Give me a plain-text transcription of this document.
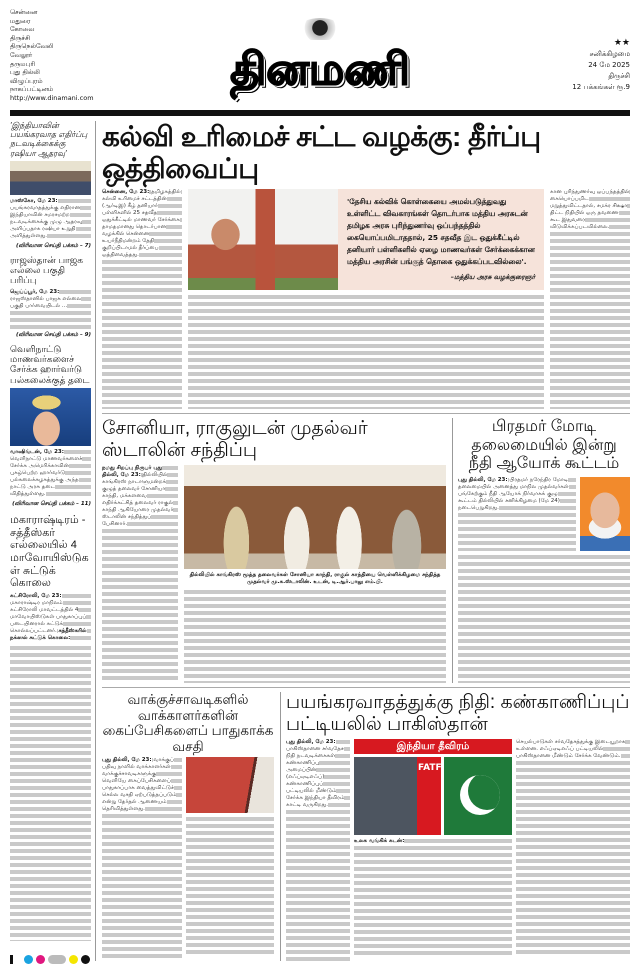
சென்னை
மதுரை
கோவை
திருச்சி
திருநெல்வேலி
வேலூர்
தருமபுரி
புது தில்லி
விழுப்புரம்
நாகப்பட்டினம்
http://www.dinamani.com
தினமணி
★★
சனிக்கிழமை
24 மே 2025
திருச்சி
12 பக்கங்கள் ரூ.9
'இந்தியாவின் பயங்கரவாத எதிர்ப்பு நடவடிக்கைக்கு ரஷியா ஆதரவு'
மாஸ்கோ, மே 23: பயங்கரவாதத்துக்கு எதிரான இந்தியாவின் சமரசமற்ற நடவடிக்கைக்கு முழு ஆதரவு அளிப்பதாக ரஷியா உறுதி அளித்துள்ளது.
(விரிவான செய்தி பக்கம் – 7)
ராஜஸ்தான் பாஜக எல்லை பகுதி பரிப்பு
ஜெய்ப்பூர், மே 23: ராஜஸ்தானில் பாஜக எல்லை பகுதி பார்வையிடல் ...
(விரிவான செய்தி பக்கம் – 9)
வெளிநாட்டு மாணவர்களைச் சேர்க்க ஹார்வர்டு பல்கலைக்குத் தடை
வாஷிங்டன், மே 23: வெளிநாட்டு மாணவர்களைச் சேர்க்க அமெரிக்காவின் புகழ்பெற்ற ஹார்வர்டு பல்கலைக்கழகத்துக்கு அந்த நாட்டு அரசு தடை விதித்துள்ளது.
(விரிவான செய்தி பக்கம் – 11)
மகாராஷ்டிரம் - சத்தீஸ்கர் எல்லையில் 4 மாவோயிஸ்டுகள் சுட்டுக் கொலை
கட்சிரோலி, மே 23: மகாராஷ்டிர மாநிலம் கட்சிரோலி மாவட்டத்தில் 4 மாவோயிஸ்டுகள் பாதுகாப்புப் படையினரால் சுட்டுக் கொல்லப்பட்டனர். சத்தீஸ்கரில் நக்ஸல் சுட்டுக் கொலை:
கல்வி உரிமைச் சட்ட வழக்கு: தீர்ப்பு ஒத்திவைப்பு
சென்னை, மே 23: தமிழகத்தில் கல்வி உரிமைச் சட்டத்தின் (ஆர்டிஇ) கீழ் தனியார் பள்ளிகளில் 25 சதவீத ஒதுக்கீட்டில் மாணவர் சேர்க்கை தாமதமானது தொடர்பான வழக்கில் சென்னை உயர்நீதிமன்றம் தேதி குறிப்பிடாமல் தீர்ப்பை ஒத்திவைத்தது.
'தேசிய கல்விக் கொள்கையை அமல்படுத்துவது உள்ளிட்ட விவகாரங்கள் தொடர்பாக மத்திய அரசுடன் தமிழக அரசு புரிந்துணர்வு ஒப்பந்தத்தில் கையொப்பமிடாததால், 25 சதவீத இட ஒதுக்கீட்டில் தனியார் பள்ளிகளில் ஏழை மாணவர்கள் சேர்க்கைக்கான மத்திய அரசின் பங்குத் தொகை ஒதுக்கப்படவில்லை'.
–மத்திய அரசு வழக்குரைஞர்
கான புரிந்துணர்வு ஒப்பந்தத்தில் கையொப்பமிட மறுத்துவிட்டதால், சமக்ர சிக்ஷா திட்ட நிதியில் ஒரு தவணை கூட இதுவரை விடுவிக்கப்படவில்லை.
சோனியா, ராகுலுடன் முதல்வர் ஸ்டாலின் சந்திப்பு
நமது சிறப்பு நிருபர் புது தில்லி, மே 23: தில்லியில் காங்கிரஸ் நாடாளுமன்றக் குழுத் தலைவர் சோனியா காந்தி, மக்களவை எதிர்க்கட்சித் தலைவர் ராகுல் காந்தி ஆகியோரை முதல்வர் ஸ்டாலின் சந்தித்துப் பேசினார்.
தில்லியில் காங்கிரஸ் மூத்த தலைவர்கள் சோனியா காந்தி, ராகுல் காந்தியை வெள்ளிக்கிழமை சந்தித்த முதல்வர் மு.க.ஸ்டாலின். உடன், டி.ஆர்.பாலு எம்.பி.
பிரதமர் மோடி தலைமையில் இன்று நீதி ஆயோக் கூட்டம்
புது தில்லி, மே 23: பிரதமர் நரேந்திர மோடி தலைமையில் அனைத்து மாநில முதல்வர்கள் பங்கேற்கும் நீதி ஆயோக் நிர்வாகக் குழு கூட்டம் தில்லியில் சனிக்கிழமை (மே 24) நடைபெறுகிறது.
வாக்குச்சாவடிகளில் வாக்காளர்களின் கைப்பேசிகளைப் பாதுகாக்க வசதி
புது தில்லி, மே 23: வாக்குப் பதிவு நாளில் வாக்காளர்கள் வாக்குச்சாவடிகளுக்கு வெளியே கைப்பேசிகளைப் பாதுகாப்பாக வைத்துவிட்டுச் செல்ல வசதி ஏற்படுத்தப்படும் என்று தேர்தல் ஆணையம் தெரிவித்துள்ளது.
பயங்கரவாதத்துக்கு நிதி: கண்காணிப்புப் பட்டியலில் பாகிஸ்தான்
புது தில்லி, மே 23: பாகிஸ்தானை சர்வதேச நிதி நடவடிக்கைகள் கண்காணிப்பு அமைப்பின் (எஃப்ஏடிஎஃப்) கண்காணிப்புப் பட்டியலில் மீண்டும் சேர்க்க இந்தியா தீவிரம் காட்டி வருகிறது.
இந்தியா தீவிரம்
FATF
உலக வங்கிக் கடன்:
செயல்பாடுகள் சர்வதேசத்துக்கு இடையூறாக உள்ளன. எஃப்ஏடிஎஃப் பட்டியலில் பாகிஸ்தானை மீண்டும் சேர்க்க வேண்டும்.
